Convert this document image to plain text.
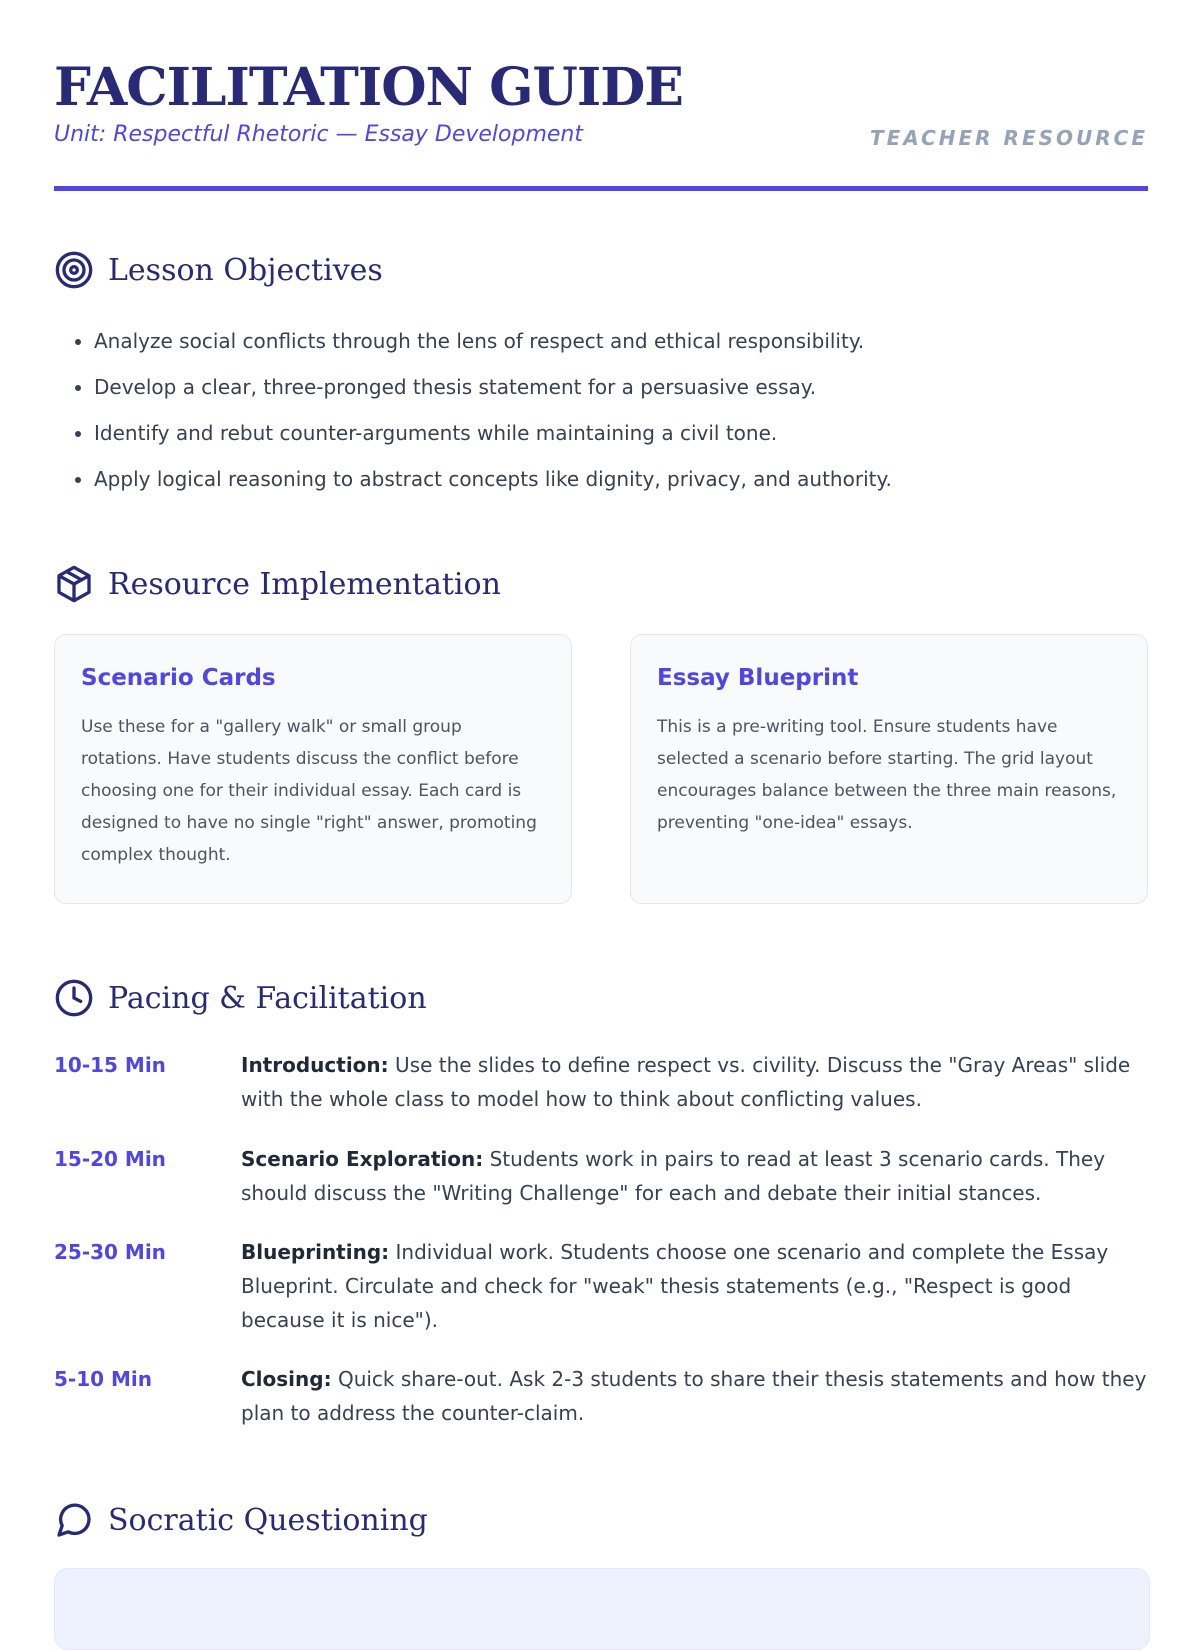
FACILITATION GUIDE
Unit: Respectful Rhetoric — Essay Development	TEACHER RESOURCE
Lesson Objectives
• Analyze social conflicts through the lens of respect and ethical responsibility.
• Develop a clear, three-pronged thesis statement for a persuasive essay.
• Identify and rebut counter-arguments while maintaining a civil tone.
• Apply logical reasoning to abstract concepts like dignity, privacy, and authority.
Resource Implementation
Scenario Cards

Use these for a "gallery walk" or small group rotations. Have students discuss the conflict before choosing one for their individual essay. Each card is designed to have no single "right" answer, promoting complex thought.

Essay Blueprint

This is a pre-writing tool. Ensure students have selected a scenario before starting. The grid layout encourages balance between the three main reasons, preventing "one-idea" essays.

Pacing & Facilitation
10-15 Min	Introduction: Use the slides to define respect vs. civility. Discuss the "Gray Areas" slide with the whole class to model how to think about conflicting values.
15-20 Min	Scenario Exploration: Students work in pairs to read at least 3 scenario cards. They should discuss the "Writing Challenge" for each and debate their initial stances.
25-30 Min	Blueprinting: Individual work. Students choose one scenario and complete the Essay Blueprint. Circulate and check for "weak" thesis statements (e.g., "Respect is good because it is nice").
5-10 Min	Closing: Quick share-out. Ask 2-3 students to share their thesis statements and how they plan to address the counter-claim.
Socratic Questioning
